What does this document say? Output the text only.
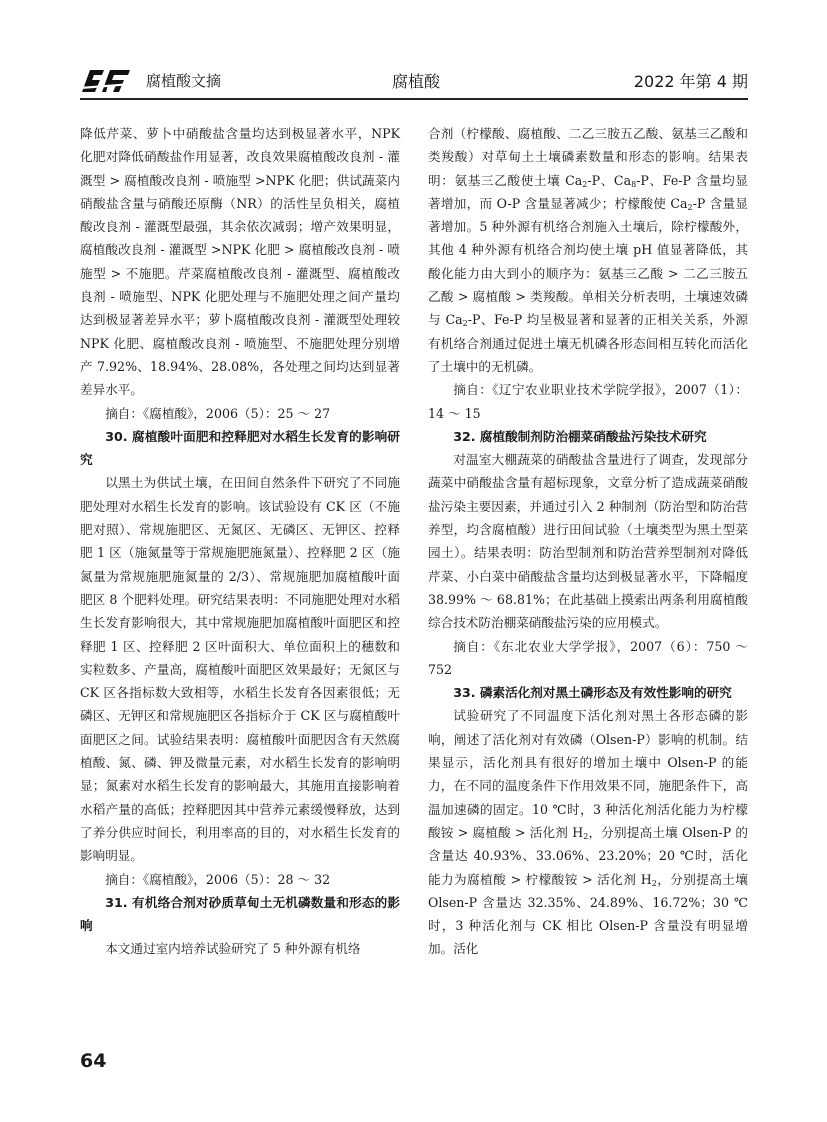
腐植酸文摘	腐植酸	2022 年第 4 期

降低芹菜、萝卜中硝酸盐含量均达到极显著水平，NPK 化肥对降低硝酸盐作用显著，改良效果腐植酸改良剂 - 灌溉型 > 腐植酸改良剂 - 喷施型 >NPK 化肥；供试蔬菜内硝酸盐含量与硝酸还原酶（NR）的活性呈负相关，腐植酸改良剂 - 灌溉型最强，其余依次减弱；增产效果明显，腐植酸改良剂 - 灌溉型 >NPK 化肥 > 腐植酸改良剂 - 喷施型 > 不施肥。芹菜腐植酸改良剂 - 灌溉型、腐植酸改良剂 - 喷施型、NPK 化肥处理与不施肥处理之间产量均达到极显著差异水平；萝卜腐植酸改良剂 - 灌溉型处理较 NPK 化肥、腐植酸改良剂 - 喷施型、不施肥处理分别增产 7.92%、18.94%、28.08%，各处理之间均达到显著差异水平。

摘自：《腐植酸》，2006（5）：25 ～ 27

30. 腐植酸叶面肥和控释肥对水稻生长发育的影响研究

以黑土为供试土壤，在田间自然条件下研究了不同施肥处理对水稻生长发育的影响。该试验设有 CK 区（不施肥对照）、常规施肥区、无氮区、无磷区、无钾区、控释肥 1 区（施氮量等于常规施肥施氮量）、控释肥 2 区（施氮量为常规施肥施氮量的 2/3）、常规施肥加腐植酸叶面肥区 8 个肥料处理。研究结果表明：不同施肥处理对水稻生长发育影响很大，其中常规施肥加腐植酸叶面肥区和控释肥 1 区、控释肥 2 区叶面积大、单位面积上的穗数和实粒数多、产量高，腐植酸叶面肥区效果最好；无氮区与 CK 区各指标数大致相等，水稻生长发育各因素很低；无磷区、无钾区和常规施肥区各指标介于 CK 区与腐植酸叶面肥区之间。试验结果表明：腐植酸叶面肥因含有天然腐植酸、氮、磷、钾及微量元素，对水稻生长发育的影响明显；氮素对水稻生长发育的影响最大，其施用直接影响着水稻产量的高低；控释肥因其中营养元素缓慢释放，达到了养分供应时间长，利用率高的目的，对水稻生长发育的影响明显。

摘自：《腐植酸》，2006（5）：28 ～ 32

31. 有机络合剂对砂质草甸土无机磷数量和形态的影响

本文通过室内培养试验研究了 5 种外源有机络

合剂（柠檬酸、腐植酸、二乙三胺五乙酸、氨基三乙酸和类羧酸）对草甸土土壤磷素数量和形态的影响。结果表明：氨基三乙酸使土壤 $Ca_2-P$、$Ca_8-P$、Fe-P 含量均显著增加，而 O-P 含量显著减少；柠檬酸使 $Ca_2-P$ 含量显著增加。5 种外源有机络合剂施入土壤后，除柠檬酸外，其他 4 种外源有机络合剂均使土壤 pH 值显著降低，其酸化能力由大到小的顺序为：氨基三乙酸 > 二乙三胺五乙酸 > 腐植酸 > 类羧酸。单相关分析表明，土壤速效磷与 $Ca_2-P$、Fe-P 均呈极显著和显著的正相关关系，外源有机络合剂通过促进土壤无机磷各形态间相互转化而活化了土壤中的无机磷。

摘自：《辽宁农业职业技术学院学报》，2007（1）：14 ～ 15

32. 腐植酸制剂防治棚菜硝酸盐污染技术研究

对温室大棚蔬菜的硝酸盐含量进行了调查，发现部分蔬菜中硝酸盐含量有超标现象，文章分析了造成蔬菜硝酸盐污染主要因素，并通过引入 2 种制剂（防治型和防治营养型，均含腐植酸）进行田间试验（土壤类型为黑土型菜园土）。结果表明：防治型制剂和防治营养型制剂对降低芹菜、小白菜中硝酸盐含量均达到极显著水平，下降幅度 38.99% ～ 68.81%；在此基础上摸索出两条利用腐植酸综合技术防治棚菜硝酸盐污染的应用模式。

摘自：《东北农业大学学报》，2007（6）：750 ～ 752

33. 磷素活化剂对黑土磷形态及有效性影响的研究

试验研究了不同温度下活化剂对黑土各形态磷的影响，阐述了活化剂对有效磷（Olsen-P）影响的机制。结果显示，活化剂具有很好的增加土壤中 Olsen-P 的能力，在不同的温度条件下作用效果不同，施肥条件下，高温加速磷的固定。10 ℃时，3 种活化剂活化能力为柠檬酸铵 > 腐植酸 > 活化剂 $H_2$，分别提高土壤 Olsen-P 的含量达 40.93%、33.06%、23.20%；20 ℃时，活化能力为腐植酸 > 柠檬酸铵 > 活化剂 $H_2$，分别提高土壤 Olsen-P 含量达 32.35%、24.89%、16.72%；30 ℃时，3 种活化剂与 CK 相比 Olsen-P 含量没有明显增加。活化

64
